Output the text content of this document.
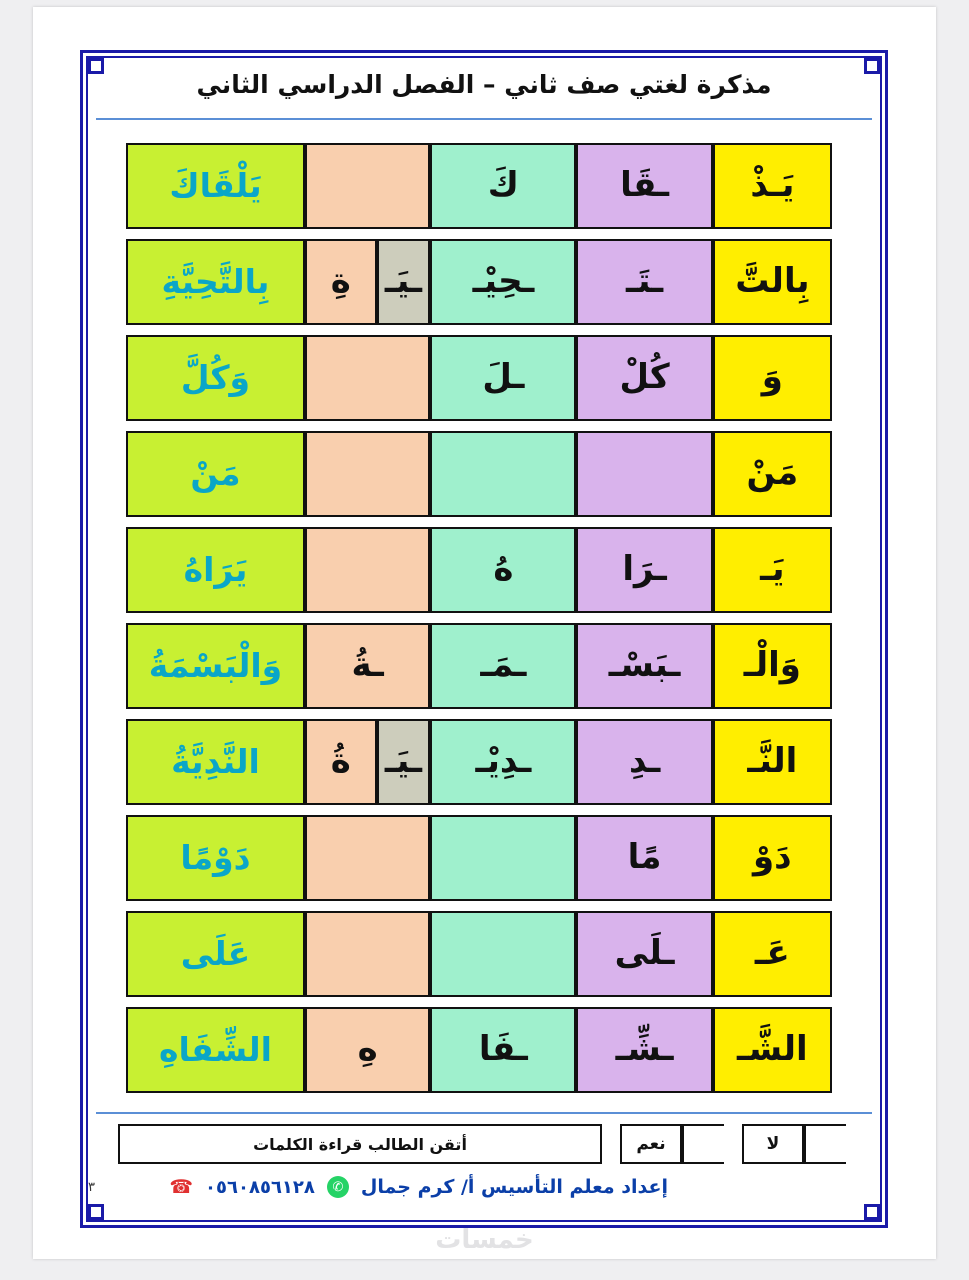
مذكرة لغتي صف ثاني – الفصل الدراسي الثاني
يَـذْ
ـقَا
كَ
يَلْقَاكَ
بِالتَّ
ـتَـ
ـحِيْـ
ـيَـ
ةِ
بِالتَّحِيَّةِ
وَ
كُلْ
ـلَ
وَكُلَّ
مَنْ
مَنْ
يَـ
ـرَا
هُ
يَرَاهُ
وَالْـ
ـبَسْـ
ـمَـ
ـةُ
وَالْبَسْمَةُ
النَّـ
ـدِ
ـدِيْـ
ـيَـ
ةُ
النَّدِيَّةُ
دَوْ
مًا
دَوْمًا
عَـ
ـلَى
عَلَى
الشَّـ
ـشِّـ
ـفَا
هِ
الشِّفَاهِ
أتقن الطالب قراءة الكلمات	نعم	لا
إعداد معلم التأسيس أ/ كرم جمال
✆
٠٥٦٠٨٥٦١٢٨
☎
٣
خمسات
